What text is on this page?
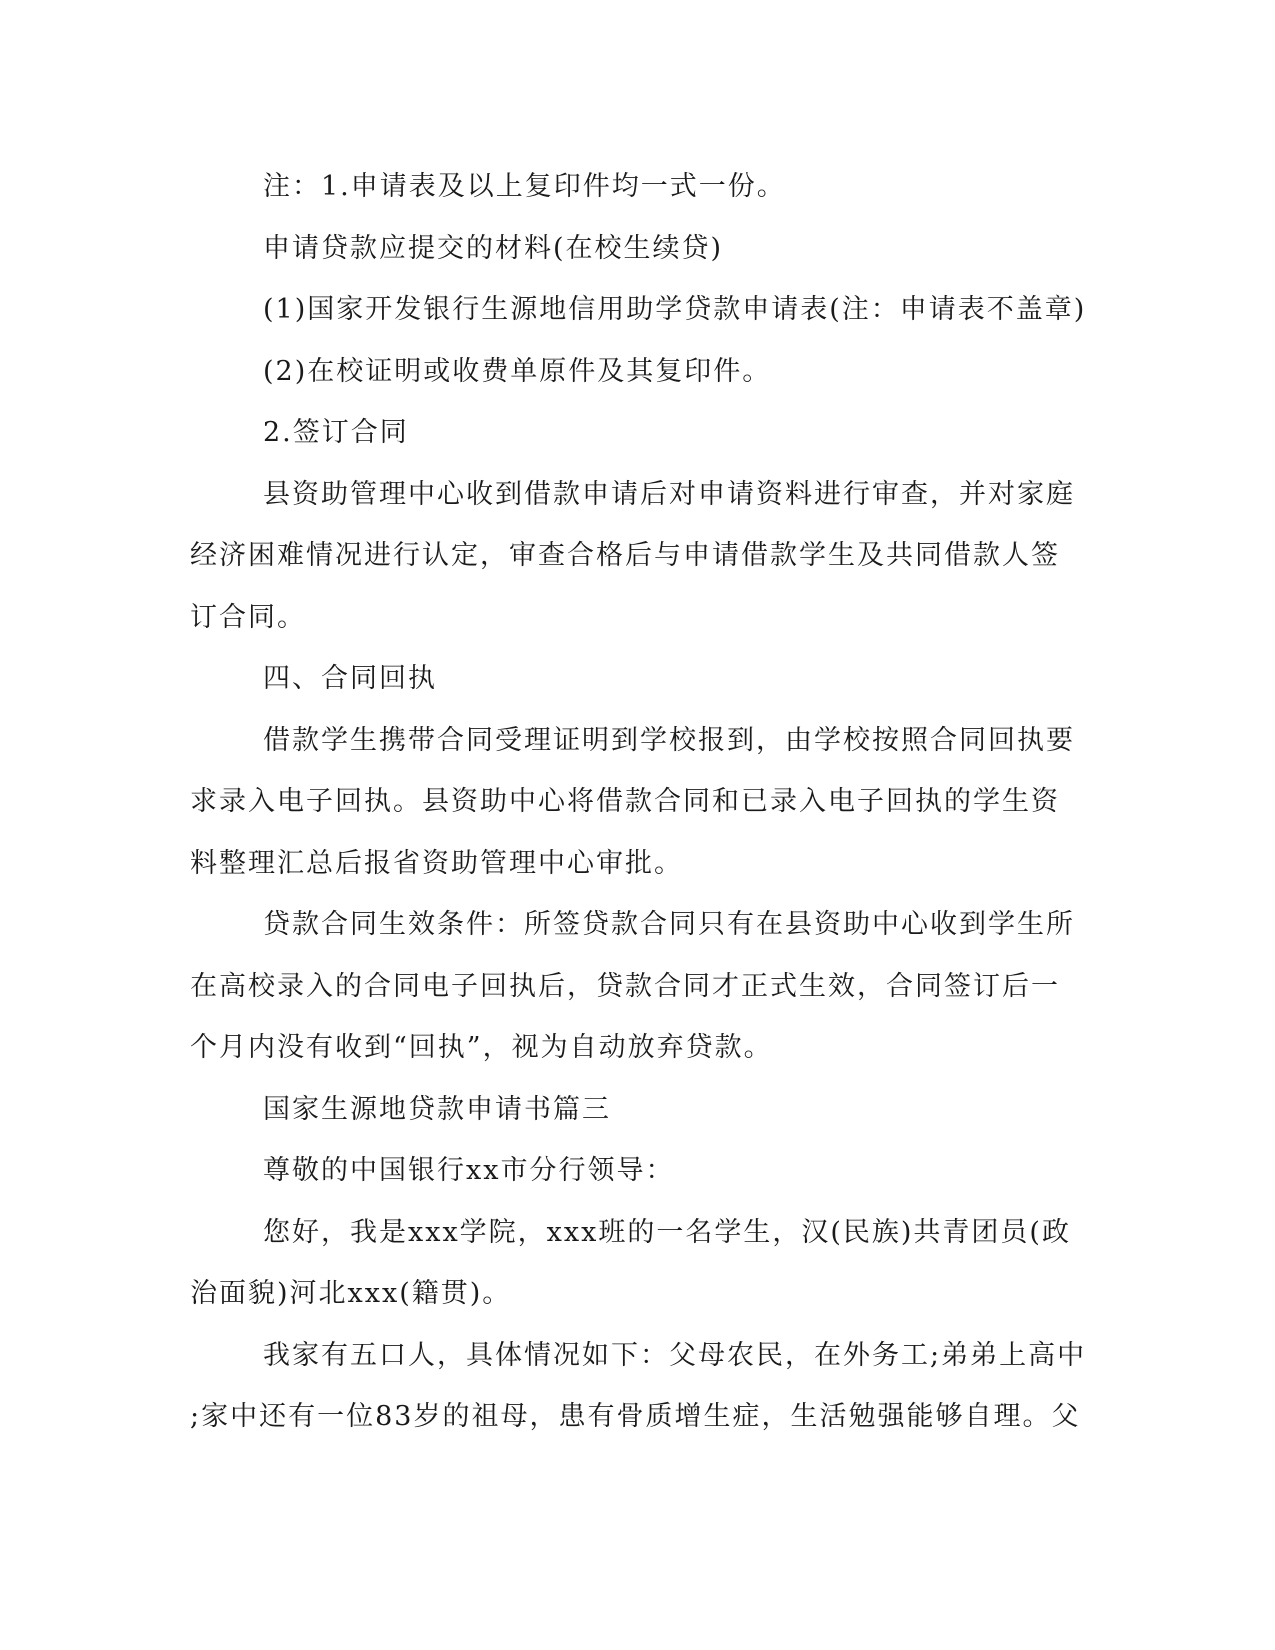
注：1.申请表及以上复印件均一式一份。
申请贷款应提交的材料(在校生续贷)
(1)国家开发银行生源地信用助学贷款申请表(注：申请表不盖章)
(2)在校证明或收费单原件及其复印件。
2.签订合同
县资助管理中心收到借款申请后对申请资料进行审查，并对家庭
经济困难情况进行认定，审查合格后与申请借款学生及共同借款人签
订合同。
四、合同回执
借款学生携带合同受理证明到学校报到，由学校按照合同回执要
求录入电子回执。县资助中心将借款合同和已录入电子回执的学生资
料整理汇总后报省资助管理中心审批。
贷款合同生效条件：所签贷款合同只有在县资助中心收到学生所
在高校录入的合同电子回执后，贷款合同才正式生效，合同签订后一
个月内没有收到“回执”，视为自动放弃贷款。
国家生源地贷款申请书篇三
尊敬的中国银行xx市分行领导：
您好，我是xxx学院，xxx班的一名学生，汉(民族)共青团员(政
治面貌)河北xxx(籍贯)。
我家有五口人，具体情况如下：父母农民，在外务工;弟弟上高中
;家中还有一位83岁的祖母，患有骨质增生症，生活勉强能够自理。父
